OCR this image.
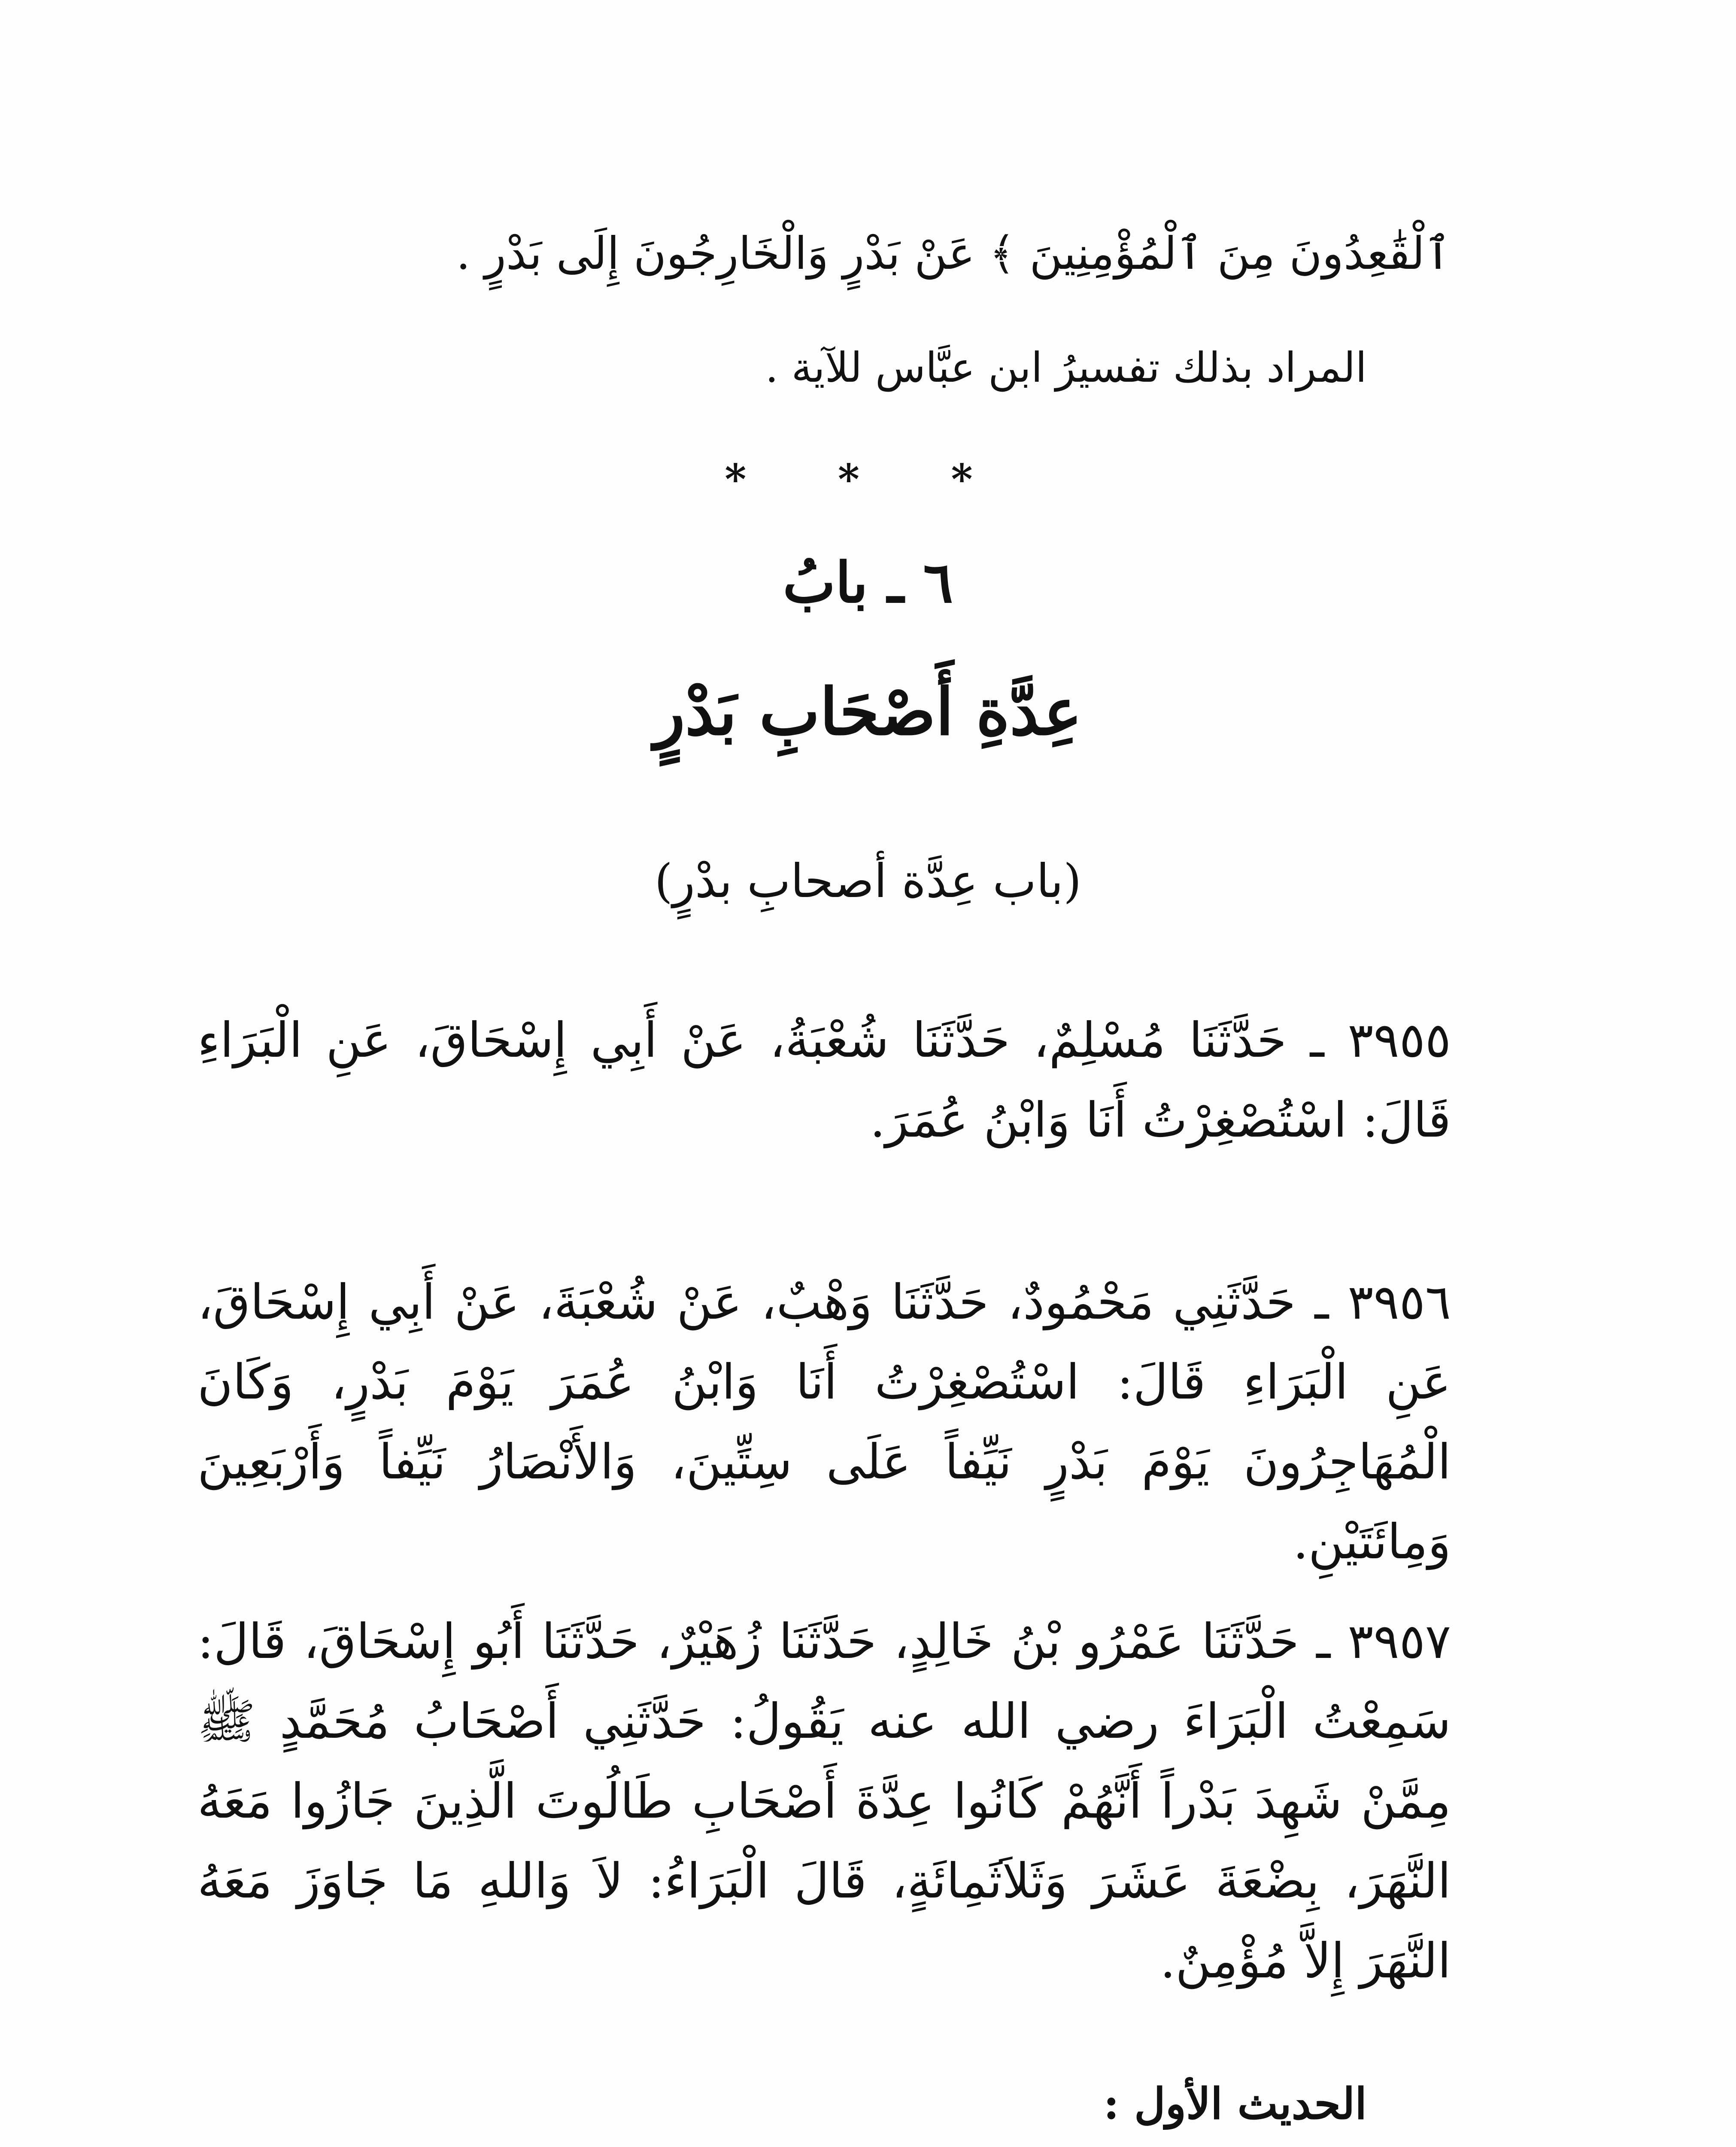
ٱلْقَٰعِدُونَ مِنَ ٱلْمُؤْمِنِينَ ﴾ عَنْ بَدْرٍ وَالْخَارِجُونَ إِلَى بَدْرٍ .

المراد بذلك تفسيرُ ابن عبَّاس للآية .

* * *

٦ ـ بابُ

عِدَّةِ أَصْحَابِ بَدْرٍ

(باب عِدَّة أصحابِ بدْرٍ)

٣٩٥٥ ـ حَدَّثَنَا مُسْلِمٌ، حَدَّثَنَا شُعْبَةُ، عَنْ أَبِي إِسْحَاقَ، عَنِ الْبَرَاءِ قَالَ: اسْتُصْغِرْتُ أَنَا وَابْنُ عُمَرَ.

٣٩٥٦ ـ حَدَّثَنِي مَحْمُودٌ، حَدَّثَنَا وَهْبٌ، عَنْ شُعْبَةَ، عَنْ أَبِي إِسْحَاقَ، عَنِ الْبَرَاءِ قَالَ: اسْتُصْغِرْتُ أَنَا وَابْنُ عُمَرَ يَوْمَ بَدْرٍ، وَكَانَ الْمُهَاجِرُونَ يَوْمَ بَدْرٍ نَيِّفاً عَلَى سِتِّينَ، وَالأَنْصَارُ نَيِّفاً وَأَرْبَعِينَ وَمِائَتَيْنِ.

٣٩٥٧ ـ حَدَّثَنَا عَمْرُو بْنُ خَالِدٍ، حَدَّثَنَا زُهَيْرٌ، حَدَّثَنَا أَبُو إِسْحَاقَ، قَالَ: سَمِعْتُ الْبَرَاءَ رضي الله عنه يَقُولُ: حَدَّثَنِي أَصْحَابُ مُحَمَّدٍ ﷺ مِمَّنْ شَهِدَ بَدْراً أَنَّهُمْ كَانُوا عِدَّةَ أَصْحَابِ طَالُوتَ الَّذِينَ جَازُوا مَعَهُ النَّهَرَ، بِضْعَةَ عَشَرَ وَثَلاَثَمِائَةٍ، قَالَ الْبَرَاءُ: لاَ وَاللهِ مَا جَاوَزَ مَعَهُ النَّهَرَ إِلاَّ مُؤْمِنٌ.

الحديث الأول :
